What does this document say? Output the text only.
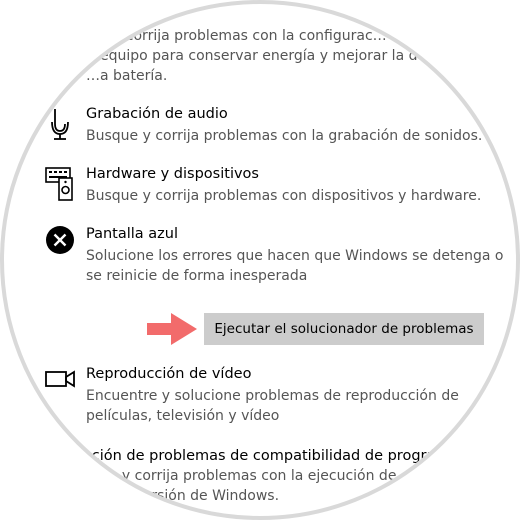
…e y corrija problemas con la configurac…
…equipo para conservar energía y mejorar la du…
…a batería.
Grabación de audio
Busque y corrija problemas con la grabación de sonidos.
Hardware y dispositivos
Busque y corrija problemas con dispositivos y hardware.
Pantalla azul
Solucione los errores que hacen que Windows se detenga o
se reinicie de forma inesperada
Ejecutar el solucionador de problemas
Reproducción de vídeo
Encuentre y solucione problemas de reproducción de
películas, televisión y vídeo
…lución de problemas de compatibilidad de progra…
…ue y corrija problemas con la ejecución de…
…esta versión de Windows.
